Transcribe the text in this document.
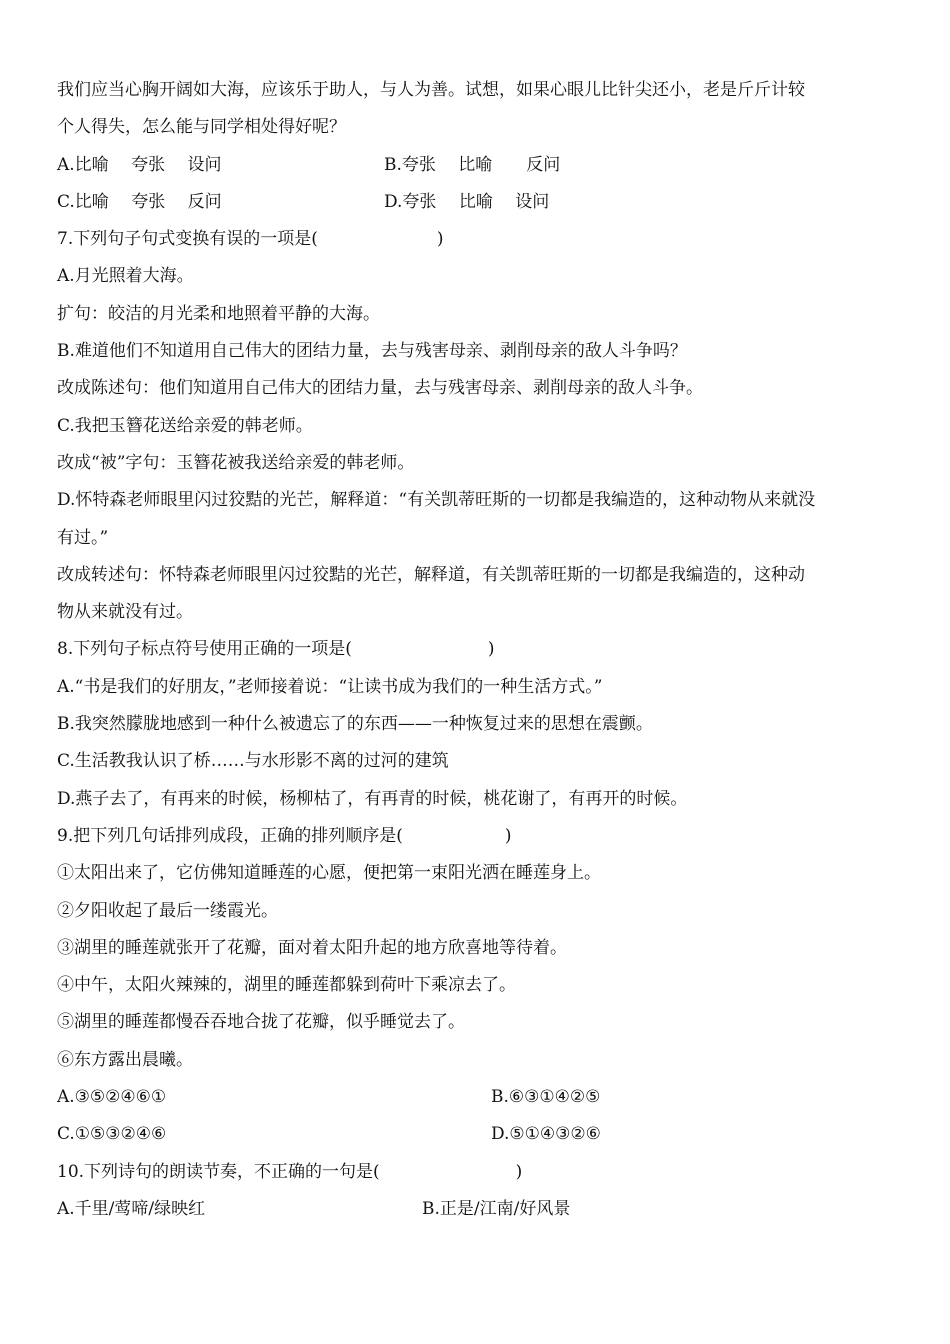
我们应当心胸开阔如大海，应该乐于助人，与人为善。试想，如果心眼儿比针尖还小，老是斤斤计较
个人得失，怎么能与同学相处得好呢？
A.比喻　 夸张　 设问	B.夸张　 比喻　　反问
C.比喻　 夸张　 反问	D.夸张　 比喻　 设问
7.下列句子句式变换有误的一项是(　　　　　　　)
A.月光照着大海。
扩句：皎洁的月光柔和地照着平静的大海。
B.难道他们不知道用自己伟大的团结力量，去与残害母亲、剥削母亲的敌人斗争吗？
改成陈述句：他们知道用自己伟大的团结力量，去与残害母亲、剥削母亲的敌人斗争。
C.我把玉簪花送给亲爱的韩老师。
改成“被”字句：玉簪花被我送给亲爱的韩老师。
D.怀特森老师眼里闪过狡黠的光芒，解释道：“有关凯蒂旺斯的一切都是我编造的，这种动物从来就没
有过。”
改成转述句：怀特森老师眼里闪过狡黠的光芒，解释道，有关凯蒂旺斯的一切都是我编造的，这种动
物从来就没有过。
8.下列句子标点符号使用正确的一项是(　　　　　　　　)
A.“书是我们的好朋友，”老师接着说：“让读书成为我们的一种生活方式。”
B.我突然朦胧地感到一种什么被遗忘了的东西——一种恢复过来的思想在震颤。
C.生活教我认识了桥……与水形影不离的过河的建筑
D.燕子去了，有再来的时候，杨柳枯了，有再青的时候，桃花谢了，有再开的时候。
9.把下列几句话排列成段，正确的排列顺序是(　　　　　　)
①太阳出来了，它仿佛知道睡莲的心愿，便把第一束阳光洒在睡莲身上。
②夕阳收起了最后一缕霞光。
③湖里的睡莲就张开了花瓣，面对着太阳升起的地方欣喜地等待着。
④中午，太阳火辣辣的，湖里的睡莲都躲到荷叶下乘凉去了。
⑤湖里的睡莲都慢吞吞地合拢了花瓣，似乎睡觉去了。
⑥东方露出晨曦。
A.③⑤②④⑥①	B.⑥③①④②⑤
C.①⑤③②④⑥	D.⑤①④③②⑥
10.下列诗句的朗读节奏，不正确的一句是(　　　　　　　　)
A.千里/莺啼/绿映红	B.正是/江南/好风景
